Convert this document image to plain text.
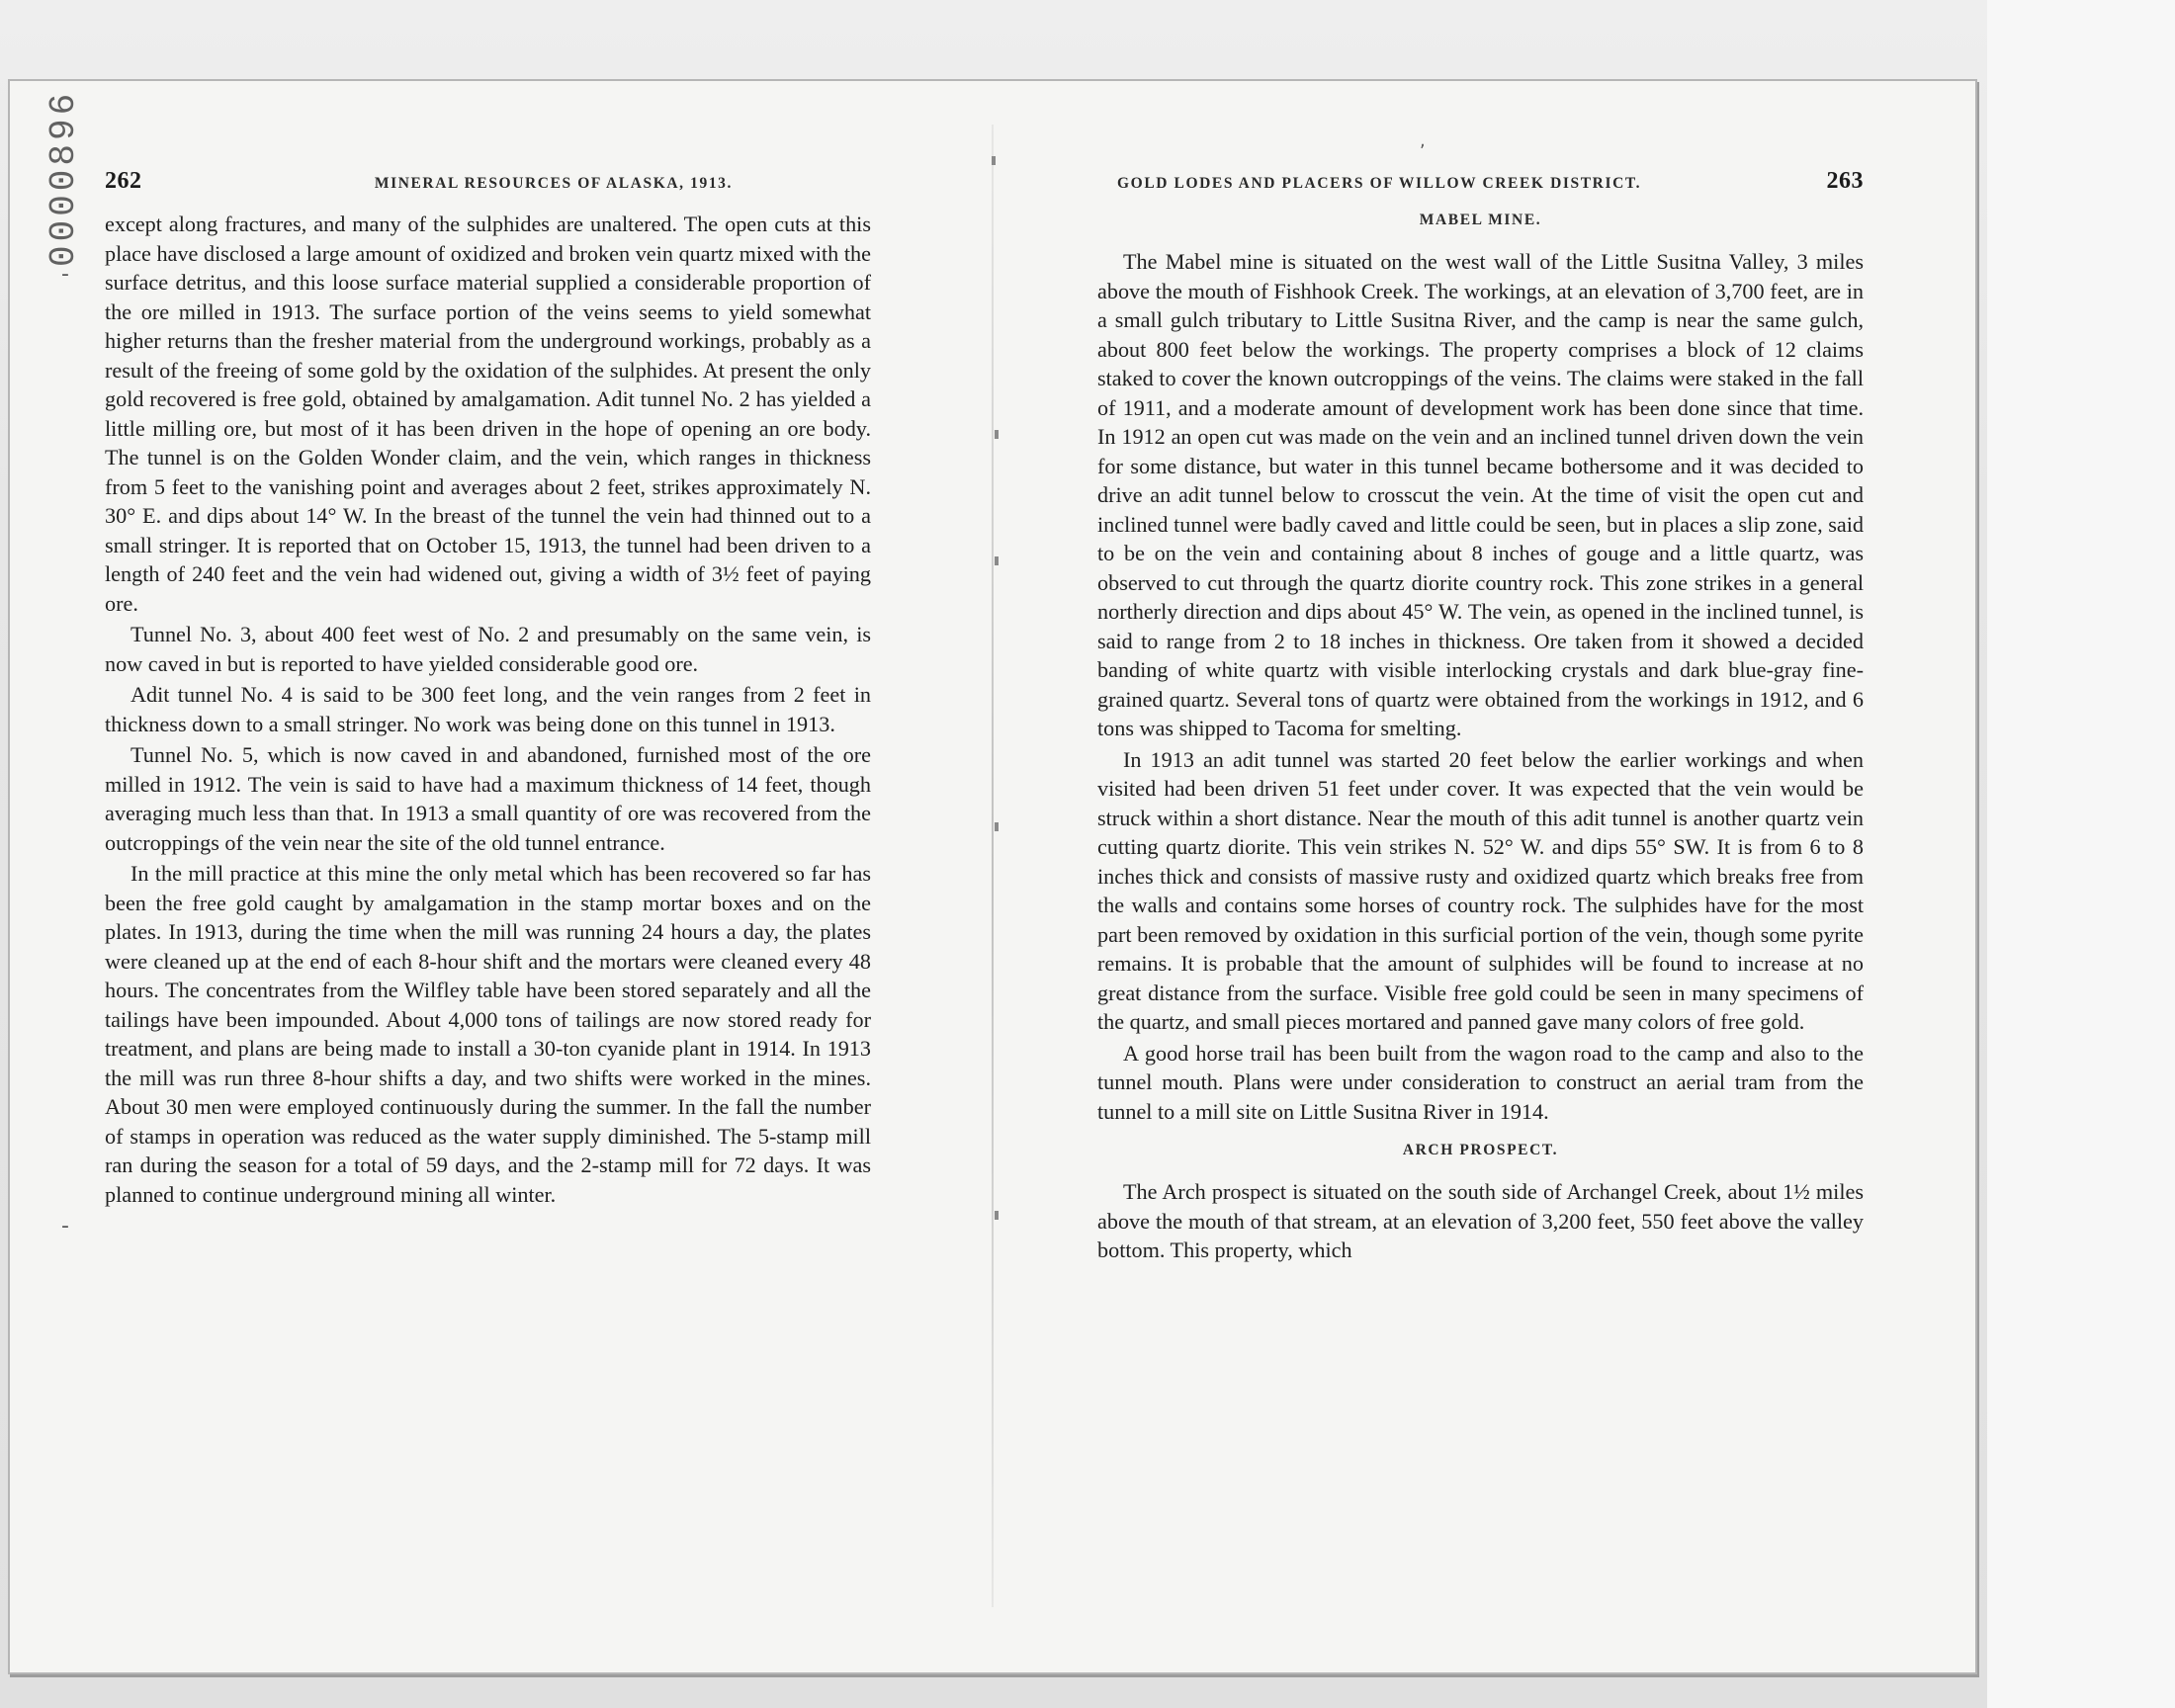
-
-
,
0000896 262	MINERAL RESOURCES OF ALASKA, 1913.

except along fractures, and many of the sulphides are unaltered. The open cuts at this place have disclosed a large amount of oxidized and broken vein quartz mixed with the surface detritus, and this loose surface material supplied a considerable proportion of the ore milled in 1913. The surface portion of the veins seems to yield somewhat higher returns than the fresher material from the underground workings, probably as a result of the freeing of some gold by the oxidation of the sulphides. At present the only gold recovered is free gold, obtained by amalgamation. Adit tunnel No. 2 has yielded a little milling ore, but most of it has been driven in the hope of opening an ore body. The tunnel is on the Golden Wonder claim, and the vein, which ranges in thickness from 5 feet to the vanishing point and averages about 2 feet, strikes approximately N. 30° E. and dips about 14° W. In the breast of the tunnel the vein had thinned out to a small stringer. It is reported that on October 15, 1913, the tunnel had been driven to a length of 240 feet and the vein had widened out, giving a width of 3½ feet of paying ore.

Tunnel No. 3, about 400 feet west of No. 2 and presumably on the same vein, is now caved in but is reported to have yielded considerable good ore.

Adit tunnel No. 4 is said to be 300 feet long, and the vein ranges from 2 feet in thickness down to a small stringer. No work was being done on this tunnel in 1913.

Tunnel No. 5, which is now caved in and abandoned, furnished most of the ore milled in 1912. The vein is said to have had a maximum thickness of 14 feet, though averaging much less than that. In 1913 a small quantity of ore was recovered from the outcroppings of the vein near the site of the old tunnel entrance.

In the mill practice at this mine the only metal which has been recovered so far has been the free gold caught by amalgamation in the stamp mortar boxes and on the plates. In 1913, during the time when the mill was running 24 hours a day, the plates were cleaned up at the end of each 8-hour shift and the mortars were cleaned every 48 hours. The concentrates from the Wilfley table have been stored separately and all the tailings have been impounded. About 4,000 tons of tailings are now stored ready for treatment, and plans are being made to install a 30-ton cyanide plant in 1914. In 1913 the mill was run three 8-hour shifts a day, and two shifts were worked in the mines. About 30 men were employed continuously during the summer. In the fall the number of stamps in operation was reduced as the water supply diminished. The 5-stamp mill ran during the season for a total of 59 days, and the 2-stamp mill for 72 days. It was planned to continue underground mining all winter.

GOLD LODES AND PLACERS OF WILLOW CREEK DISTRICT.	263
MABEL MINE.

The Mabel mine is situated on the west wall of the Little Susitna Valley, 3 miles above the mouth of Fishhook Creek. The workings, at an elevation of 3,700 feet, are in a small gulch tributary to Little Susitna River, and the camp is near the same gulch, about 800 feet below the workings. The property comprises a block of 12 claims staked to cover the known outcroppings of the veins. The claims were staked in the fall of 1911, and a moderate amount of development work has been done since that time. In 1912 an open cut was made on the vein and an inclined tunnel driven down the vein for some distance, but water in this tunnel became bothersome and it was decided to drive an adit tunnel below to crosscut the vein. At the time of visit the open cut and inclined tunnel were badly caved and little could be seen, but in places a slip zone, said to be on the vein and containing about 8 inches of gouge and a little quartz, was observed to cut through the quartz diorite country rock. This zone strikes in a general northerly direction and dips about 45° W. The vein, as opened in the inclined tunnel, is said to range from 2 to 18 inches in thickness. Ore taken from it showed a decided banding of white quartz with visible interlocking crystals and dark blue-gray fine-grained quartz. Several tons of quartz were obtained from the workings in 1912, and 6 tons was shipped to Tacoma for smelting.

In 1913 an adit tunnel was started 20 feet below the earlier workings and when visited had been driven 51 feet under cover. It was expected that the vein would be struck within a short distance. Near the mouth of this adit tunnel is another quartz vein cutting quartz diorite. This vein strikes N. 52° W. and dips 55° SW. It is from 6 to 8 inches thick and consists of massive rusty and oxidized quartz which breaks free from the walls and contains some horses of country rock. The sulphides have for the most part been removed by oxidation in this surficial portion of the vein, though some pyrite remains. It is probable that the amount of sulphides will be found to increase at no great distance from the surface. Visible free gold could be seen in many specimens of the quartz, and small pieces mortared and panned gave many colors of free gold.

A good horse trail has been built from the wagon road to the camp and also to the tunnel mouth. Plans were under consideration to construct an aerial tram from the tunnel to a mill site on Little Susitna River in 1914.

ARCH PROSPECT.

The Arch prospect is situated on the south side of Archangel Creek, about 1½ miles above the mouth of that stream, at an elevation of 3,200 feet, 550 feet above the valley bottom. This property, which
